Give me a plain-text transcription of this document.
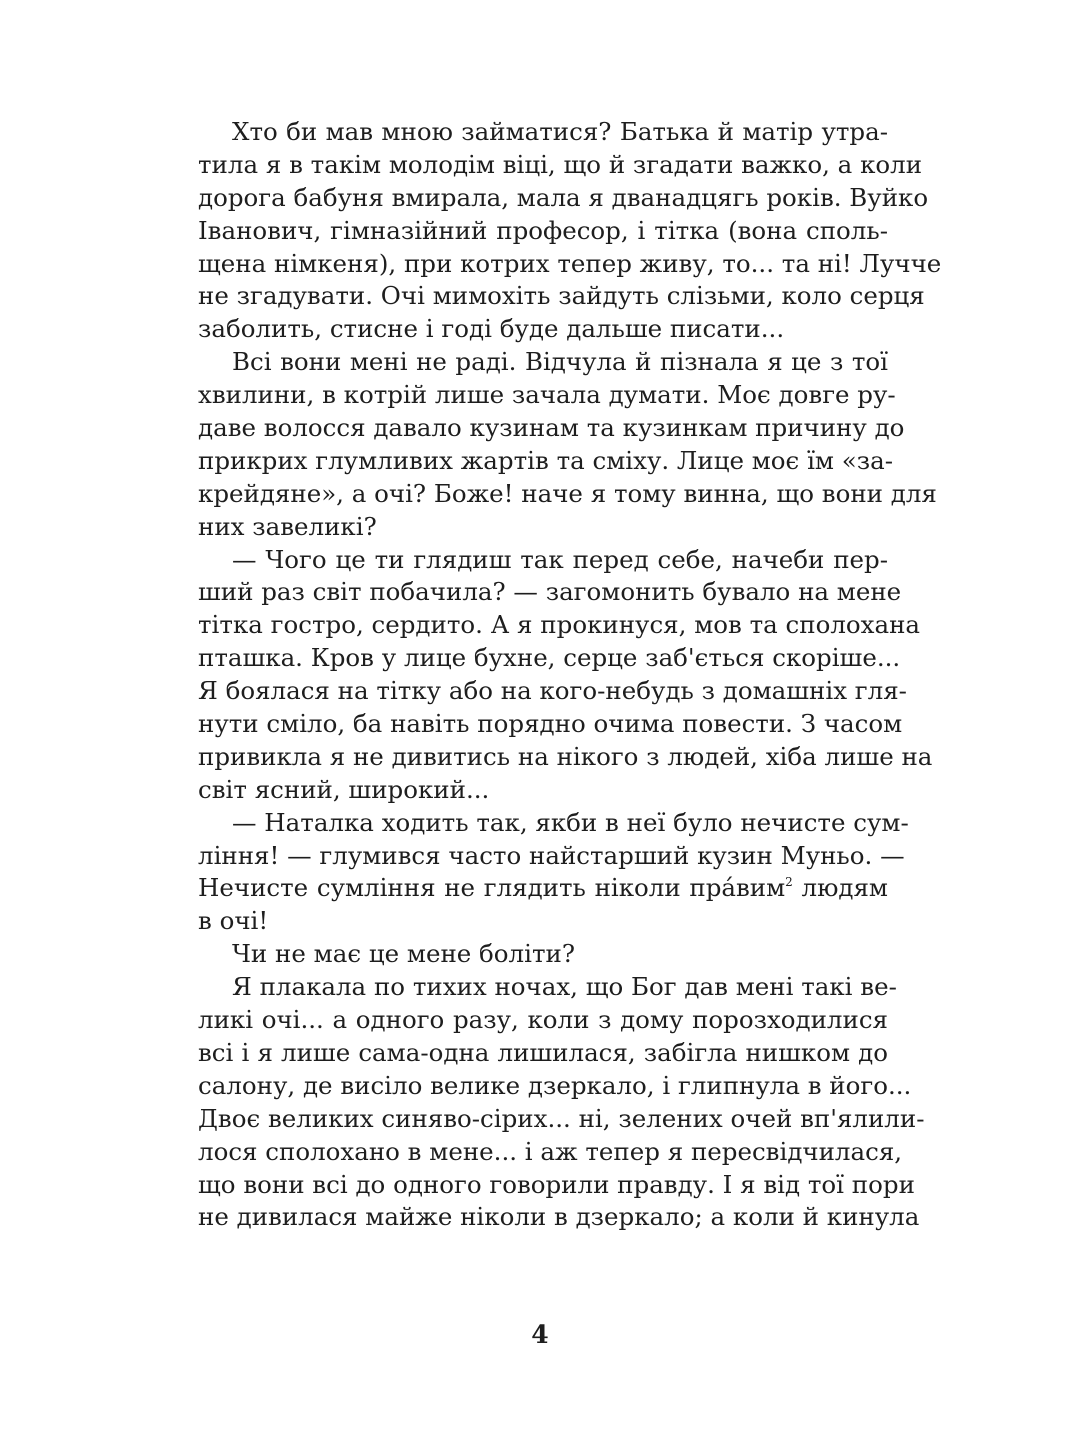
Хто би мав мною займатися? Батька й матір утра-
тила я в такім молодім віці, що й згадати важко, а коли
дорога бабуня вмирала, мала я дванадцягь років. Вуйко
Іванович, гімназійний професор, і тітка (вона споль-
щена німкеня), при котрих тепер живу, то... та ні! Лучче
не згадувати. Очі мимохіть зайдуть слізьми, коло серця
заболить, стисне і годі буде дальше писати...
Всі вони мені не раді. Відчула й пізнала я це з тої
хвилини, в котрій лише зачала думати. Моє довге ру-
даве волосся давало кузинам та кузинкам причину до
прикрих глумливих жартів та сміху. Лице моє їм «за-
крейдяне», а очі? Боже! наче я тому винна, що вони для
них завеликі?
— Чого це ти глядиш так перед себе, начеби пер-
ший раз світ побачила? — загомонить бувало на мене
тітка гостро, сердито. А я прокинуся, мов та сполохана
пташка. Кров у лице бухне, серце заб'ється скоріше...
Я боялася на тітку або на кого-небудь з домашніх гля-
нути сміло, ба навіть порядно очима повести. З часом
привикла я не дивитись на нікого з людей, хіба лише на
світ ясний, широкий...
— Наталка ходить так, якби в неї було нечисте сум-
ління! — глумився часто найстарший кузин Муньо. —
Нечисте сумління не глядить ніколи пра́вим$^2$ людям
в очі!
Чи не має це мене боліти?
Я плакала по тихих ночах, що Бог дав мені такі ве-
ликі очі... а одного разу, коли з дому порозходилися
всі і я лише сама-одна лишилася, забігла нишком до
салону, де висіло велике дзеркало, і глипнула в його...
Двоє великих синяво-сірих... ні, зелених очей вп'ялили-
лося сполохано в мене... і аж тепер я пересвідчилася,
що вони всі до одного говорили правду. І я від тої пори
не дивилася майже ніколи в дзеркало; а коли й кинула
4
